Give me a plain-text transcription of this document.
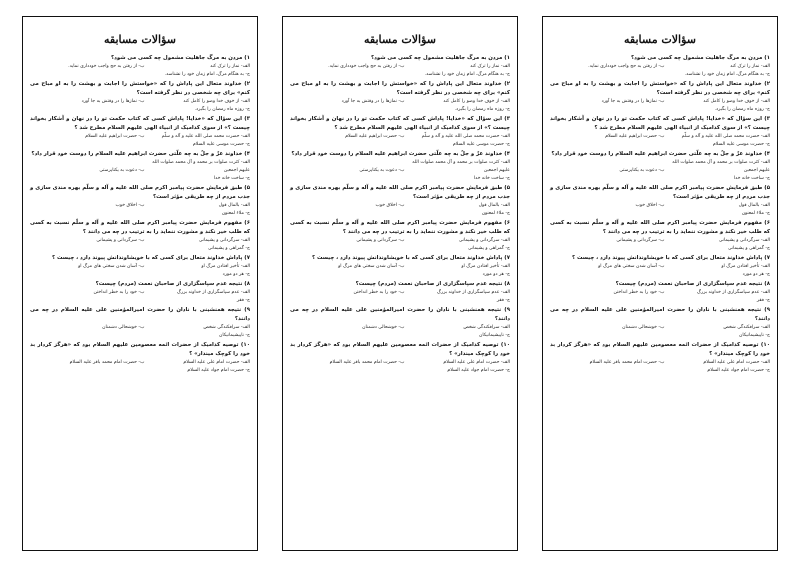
سؤالات مسابقه
۱) مردن به مرگ جاهلیت مشمول چه کسی می شود؟
الف- نماز را ترک کندب- از رفتن به حج واجب خودداری نماید.
ج- به هنگام مرگ، امام زمان خود را نشناسد.
۲) خداوند متعال این پاداش را که «خواستش را اجابت و بهشت را به او مباح می کنم» برای چه شخصی در نظر گرفته است؟
الف- از خوف خدا وضو را کامل کندب- نمازها را در وقتش به جا آورد
ج- روزه ماه رمضان را بگیرد.
۳) این سؤال که «خدایا! پاداش کسی که کتاب حکمت تو را در نهان و آشکار بخواند چیست ؟» از سوی کدامیک از انبیاء الهی علیهم السلام مطرح شد ؟
الف- حضرت محمد صلی الله علیه و آله و سلّمب- حضرت ابراهیم علیه السلام
ج- حضرت موسی علیه السلام
۴) خداوند عزّ و جلّ به چه علّتی حضرت ابراهیم علیه السلام را دوست خود قرار داد؟
الف- کثرت صلوات بر محمد و آل محمد صلوات الله علیهم اجمعینب- دعوت به یکتاپرستی
ج- ساخت خانه خدا
۵) طبق فرمایش حضرت پیامبر اکرم صلی الله علیه و آله و سلّم بهره مندی سازی و جذب مردم از چه طریقی مؤثر است؟
الف- بالمال قولب- اخلاق خوب
ج- ملاء لمعنون
۶) مفهوم فرمایش حضرت پیامبر اکرم صلی الله علیه و آله و سلّم نسبت به کسی که طلب خیر نکند و مشورت ننماید را به ترتیب در چه می دانند ؟
الف- سرگردانی و پشیمانیب- سرگردانی و پشیمانی
ج- گمراهی و پشیمانی
۷) پاداش خداوند متعال برای کسی که با خویشاوندانش پیوند دارد ، چیست ؟
الف- تأخیر افتادن مرگ اوب- آسان شدن سختی های مرگ او
ج- هر دو مورد
۸) نتیجه عدم سپاسگزاری از صاحبان نعمت (مردم) چیست؟
الف- عدم سپاسگزاری از خداوند بزرگب- خود را به خطر انداختن
ج- فقر
۹) نتیجه همنشینی با نادان را حضرت امیرالمؤمنین علی علیه السلام در چه می دانند؟
الف- سرافکندگی شخصب- خوشحالی دشمنان
ج- ناپیشیمانیکان
۱۰) توصیه کدامیک از حضرات ائمه معصومین علیهم السلام بود که «هرگز کردار بد خود را کوچک میندار» ؟
الف- حضرت امام علی علیه السلامب- حضرت امام محمد باقر علیه السلام
ج- حضرت امام جواد علیه السلام
سؤالات مسابقه
۱) مردن به مرگ جاهلیت مشمول چه کسی می شود؟
الف- نماز را ترک کندب- از رفتن به حج واجب خودداری نماید.
ج- به هنگام مرگ، امام زمان خود را نشناسد.
۲) خداوند متعال این پاداش را که «خواستش را اجابت و بهشت را به او مباح می کنم» برای چه شخصی در نظر گرفته است؟
الف- از خوف خدا وضو را کامل کندب- نمازها را در وقتش به جا آورد
ج- روزه ماه رمضان را بگیرد.
۳) این سؤال که «خدایا! پاداش کسی که کتاب حکمت تو را در نهان و آشکار بخواند چیست ؟» از سوی کدامیک از انبیاء الهی علیهم السلام مطرح شد ؟
الف- حضرت محمد صلی الله علیه و آله و سلّمب- حضرت ابراهیم علیه السلام
ج- حضرت موسی علیه السلام
۴) خداوند عزّ و جلّ به چه علّتی حضرت ابراهیم علیه السلام را دوست خود قرار داد؟
الف- کثرت صلوات بر محمد و آل محمد صلوات الله علیهم اجمعینب- دعوت به یکتاپرستی
ج- ساخت خانه خدا
۵) طبق فرمایش حضرت پیامبر اکرم صلی الله علیه و آله و سلّم بهره مندی سازی و جذب مردم از چه طریقی مؤثر است؟
الف- بالمال قولب- اخلاق خوب
ج- ملاء لمعنون
۶) مفهوم فرمایش حضرت پیامبر اکرم صلی الله علیه و آله و سلّم نسبت به کسی که طلب خیر نکند و مشورت ننماید را به ترتیب در چه می دانند ؟
الف- سرگردانی و پشیمانیب- سرگردانی و پشیمانی
ج- گمراهی و پشیمانی
۷) پاداش خداوند متعال برای کسی که با خویشاوندانش پیوند دارد ، چیست ؟
الف- تأخیر افتادن مرگ اوب- آسان شدن سختی های مرگ او
ج- هر دو مورد
۸) نتیجه عدم سپاسگزاری از صاحبان نعمت (مردم) چیست؟
الف- عدم سپاسگزاری از خداوند بزرگب- خود را به خطر انداختن
ج- فقر
۹) نتیجه همنشینی با نادان را حضرت امیرالمؤمنین علی علیه السلام در چه می دانند؟
الف- سرافکندگی شخصب- خوشحالی دشمنان
ج- ناپیشیمانیکان
۱۰) توصیه کدامیک از حضرات ائمه معصومین علیهم السلام بود که «هرگز کردار بد خود را کوچک میندار» ؟
الف- حضرت امام علی علیه السلامب- حضرت امام محمد باقر علیه السلام
ج- حضرت امام جواد علیه السلام
سؤالات مسابقه
۱) مردن به مرگ جاهلیت مشمول چه کسی می شود؟
الف- نماز را ترک کندب- از رفتن به حج واجب خودداری نماید.
ج- به هنگام مرگ، امام زمان خود را نشناسد.
۲) خداوند متعال این پاداش را که «خواستش را اجابت و بهشت را به او مباح می کنم» برای چه شخصی در نظر گرفته است؟
الف- از خوف خدا وضو را کامل کندب- نمازها را در وقتش به جا آورد
ج- روزه ماه رمضان را بگیرد.
۳) این سؤال که «خدایا! پاداش کسی که کتاب حکمت تو را در نهان و آشکار بخواند چیست ؟» از سوی کدامیک از انبیاء الهی علیهم السلام مطرح شد ؟
الف- حضرت محمد صلی الله علیه و آله و سلّمب- حضرت ابراهیم علیه السلام
ج- حضرت موسی علیه السلام
۴) خداوند عزّ و جلّ به چه علّتی حضرت ابراهیم علیه السلام را دوست خود قرار داد؟
الف- کثرت صلوات بر محمد و آل محمد صلوات الله علیهم اجمعینب- دعوت به یکتاپرستی
ج- ساخت خانه خدا
۵) طبق فرمایش حضرت پیامبر اکرم صلی الله علیه و آله و سلّم بهره مندی سازی و جذب مردم از چه طریقی مؤثر است؟
الف- بالمال قولب- اخلاق خوب
ج- ملاء لمعنون
۶) مفهوم فرمایش حضرت پیامبر اکرم صلی الله علیه و آله و سلّم نسبت به کسی که طلب خیر نکند و مشورت ننماید را به ترتیب در چه می دانند ؟
الف- سرگردانی و پشیمانیب- سرگردانی و پشیمانی
ج- گمراهی و پشیمانی
۷) پاداش خداوند متعال برای کسی که با خویشاوندانش پیوند دارد ، چیست ؟
الف- تأخیر افتادن مرگ اوب- آسان شدن سختی های مرگ او
ج- هر دو مورد
۸) نتیجه عدم سپاسگزاری از صاحبان نعمت (مردم) چیست؟
الف- عدم سپاسگزاری از خداوند بزرگب- خود را به خطر انداختن
ج- فقر
۹) نتیجه همنشینی با نادان را حضرت امیرالمؤمنین علی علیه السلام در چه می دانند؟
الف- سرافکندگی شخصب- خوشحالی دشمنان
ج- ناپیشیمانیکان
۱۰) توصیه کدامیک از حضرات ائمه معصومین علیهم السلام بود که «هرگز کردار بد خود را کوچک میندار» ؟
الف- حضرت امام علی علیه السلامب- حضرت امام محمد باقر علیه السلام
ج- حضرت امام جواد علیه السلام
